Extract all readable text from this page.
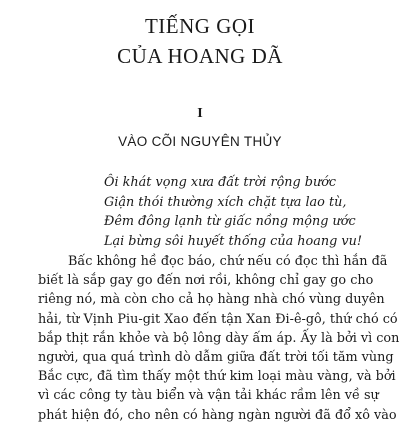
TIẾNG GỌI
CỦA HOANG DÃ
I
VÀO CÕI NGUYÊN THỦY
Ôi khát vọng xưa đất trời rộng bước
Giận thói thường xích chặt tựa lao tù,
Đêm đông lạnh từ giấc nồng mộng ước
Lại bừng sôi huyết thống của hoang vu!
Bấc không hề đọc báo, chứ nếu có đọc thì hắn đã
biết là sắp gay go đến nơi rồi, không chỉ gay go cho
riêng nó, mà còn cho cả họ hàng nhà chó vùng duyên
hải, từ Vịnh Piu-git Xao đến tận Xan Đi-ê-gô, thứ chó có
bắp thịt rắn khỏe và bộ lông dày ấm áp. Ấy là bởi vì con
người, qua quá trình dò dẫm giữa đất trời tối tăm vùng
Bắc cực, đã tìm thấy một thứ kim loại màu vàng, và bởi
vì các công ty tàu biển và vận tải khác rầm lên về sự
phát hiện đó, cho nên có hàng ngàn người đã đổ xô vào
